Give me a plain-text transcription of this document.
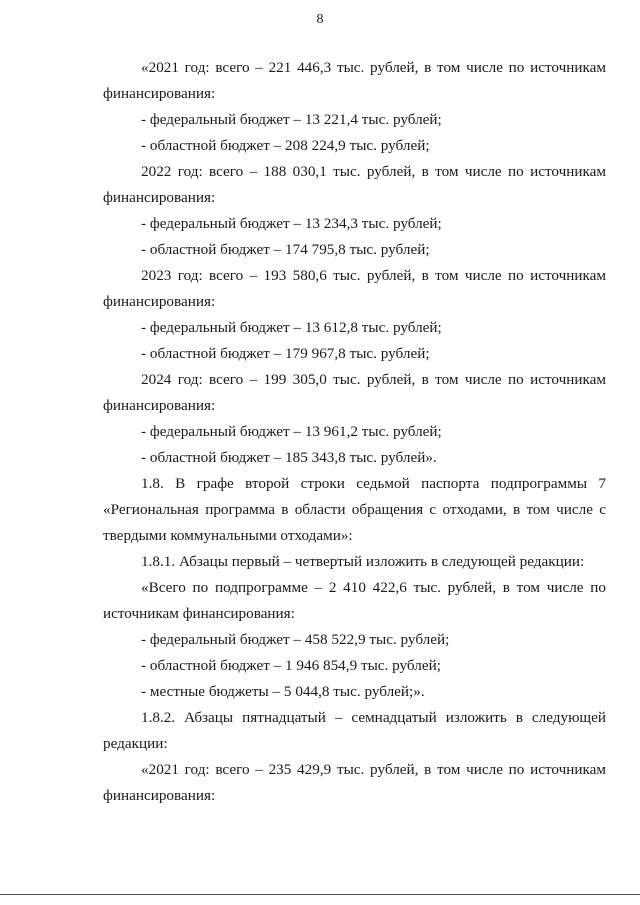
8
«2021 год: всего – 221 446,3 тыс. рублей, в том числе по источникам
финансирования:
- федеральный бюджет – 13 221,4 тыс. рублей;
- областной бюджет – 208 224,9 тыс. рублей;
2022 год: всего – 188 030,1 тыс. рублей, в том числе по источникам
финансирования:
- федеральный бюджет – 13 234,3 тыс. рублей;
- областной бюджет – 174 795,8 тыс. рублей;
2023 год: всего – 193 580,6 тыс. рублей, в том числе по источникам
финансирования:
- федеральный бюджет – 13 612,8 тыс. рублей;
- областной бюджет – 179 967,8 тыс. рублей;
2024 год: всего – 199 305,0 тыс. рублей, в том числе по источникам
финансирования:
- федеральный бюджет – 13 961,2 тыс. рублей;
- областной бюджет – 185 343,8 тыс. рублей».
1.8. В графе второй строки седьмой паспорта подпрограммы 7
«Региональная программа в области обращения с отходами, в том числе с
твердыми коммунальными отходами»:
1.8.1. Абзацы первый – четвертый изложить в следующей редакции:
«Всего по подпрограмме – 2 410 422,6 тыс. рублей, в том числе по
источникам финансирования:
- федеральный бюджет – 458 522,9 тыс. рублей;
- областной бюджет – 1 946 854,9 тыс. рублей;
- местные бюджеты – 5 044,8 тыс. рублей;».
1.8.2. Абзацы пятнадцатый – семнадцатый изложить в следующей
редакции:
«2021 год: всего – 235 429,9 тыс. рублей, в том числе по источникам
финансирования:
